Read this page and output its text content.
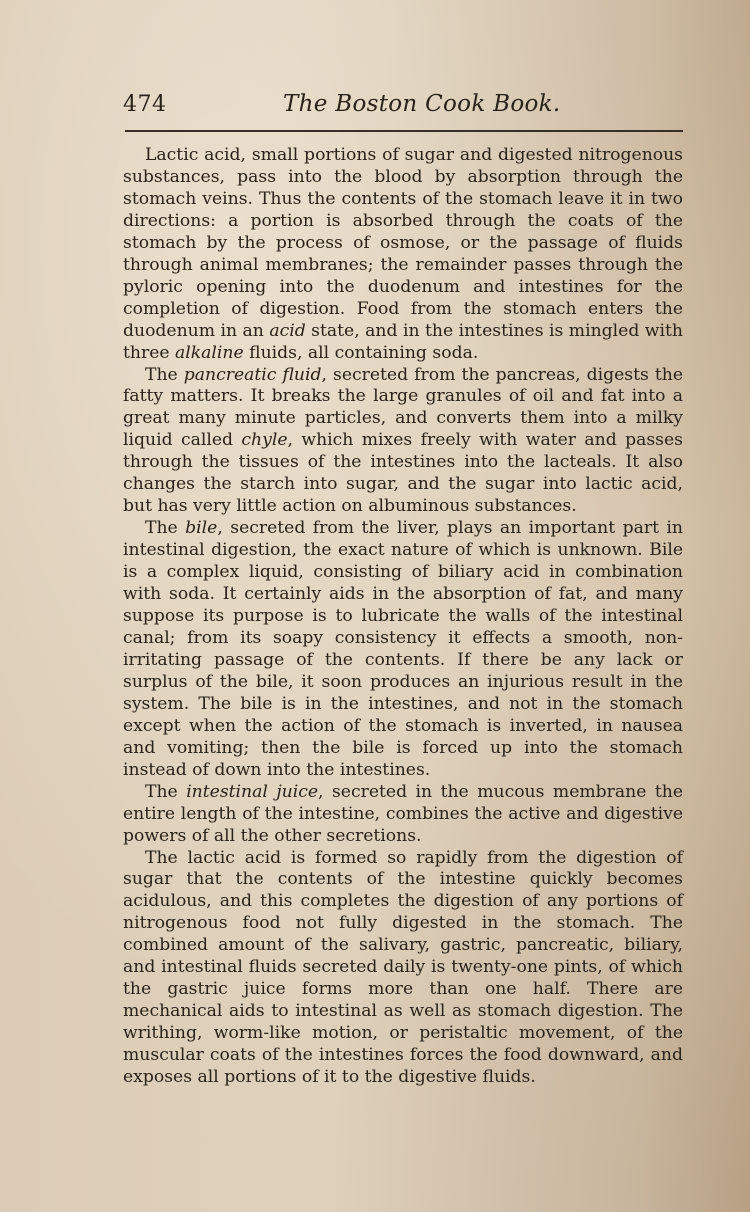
474	The Boston Cook Book.

Lactic acid, small portions of sugar and digested nitrogenous substances, pass into the blood by absorption through the stomach veins. Thus the contents of the stomach leave it in two directions: a portion is absorbed through the coats of the stomach by the process of osmose, or the passage of fluids through animal membranes; the remainder passes through the pyloric opening into the duodenum and intestines for the completion of digestion. Food from the stomach enters the duodenum in an acid state, and in the intestines is mingled with three alkaline fluids, all containing soda.

The pancreatic fluid, secreted from the pancreas, digests the fatty matters. It breaks the large granules of oil and fat into a great many minute particles, and converts them into a milky liquid called chyle, which mixes freely with water and passes through the tissues of the intestines into the lacteals. It also changes the starch into sugar, and the sugar into lactic acid, but has very little action on albuminous substances.

The bile, secreted from the liver, plays an important part in intestinal digestion, the exact nature of which is unknown. Bile is a complex liquid, consisting of biliary acid in combination with soda. It certainly aids in the absorption of fat, and many suppose its purpose is to lubricate the walls of the intestinal canal; from its soapy consistency it effects a smooth, non-irritating passage of the contents. If there be any lack or surplus of the bile, it soon produces an injurious result in the system. The bile is in the intestines, and not in the stomach except when the action of the stomach is inverted, in nausea and vomiting; then the bile is forced up into the stomach instead of down into the intestines.

The intestinal juice, secreted in the mucous membrane the entire length of the intestine, combines the active and digestive powers of all the other secretions.

The lactic acid is formed so rapidly from the digestion of sugar that the contents of the intestine quickly becomes acidulous, and this completes the digestion of any portions of nitrogenous food not fully digested in the stomach. The combined amount of the salivary, gastric, pancreatic, biliary, and intestinal fluids secreted daily is twenty-one pints, of which the gastric juice forms more than one half. There are mechanical aids to intestinal as well as stomach digestion. The writhing, worm-like motion, or peristaltic movement, of the muscular coats of the intestines forces the food downward, and exposes all portions of it to the digestive fluids.
